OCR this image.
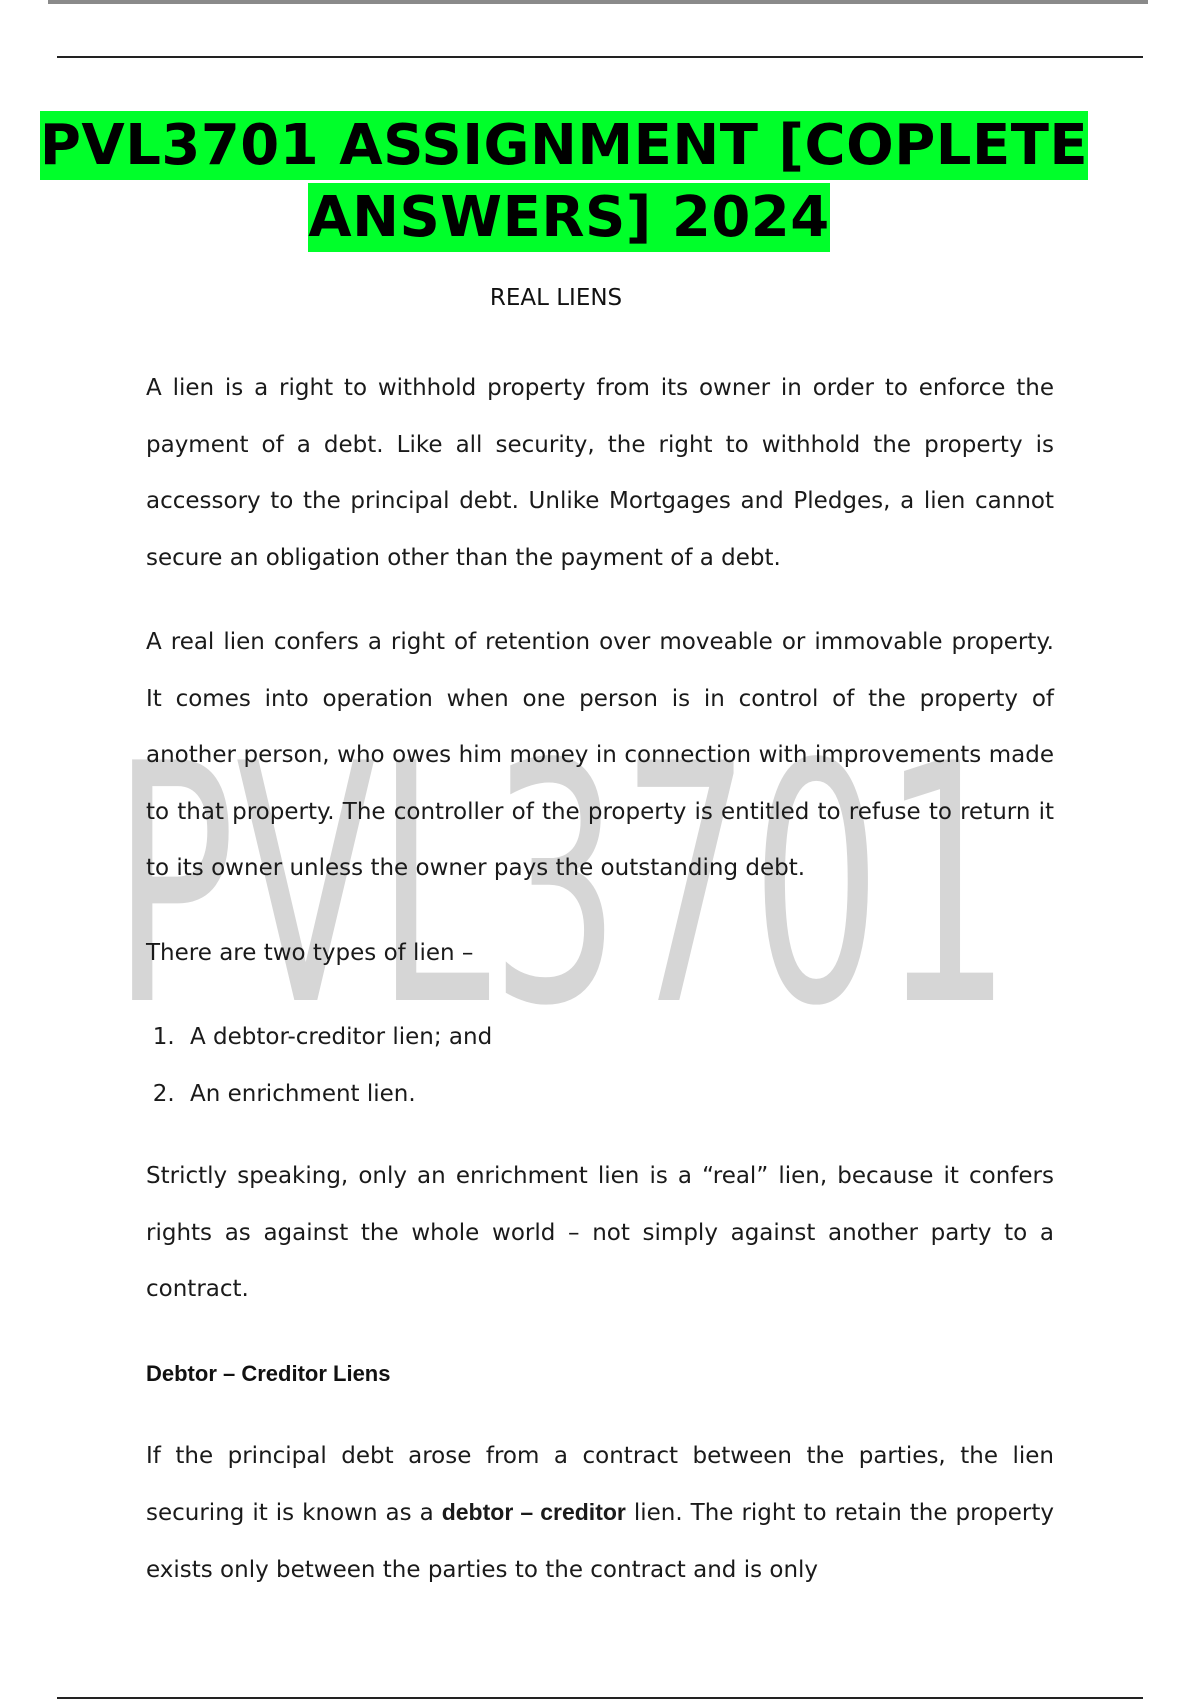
PVL3701
PVL3701 ASSIGNMENT [COPLETE
ANSWERS] 2024
REAL LIENS

A lien is a right to withhold property from its owner in order to enforce the payment of a debt. Like all security, the right to withhold the property is accessory to the principal debt. Unlike Mortgages and Pledges, a lien cannot secure an obligation other than the payment of a debt.

A real lien confers a right of retention over moveable or immovable property. It comes into operation when one person is in control of the property of another person, who owes him money in connection with improvements made to that property. The controller of the property is entitled to refuse to return it to its owner unless the owner pays the outstanding debt.

There are two types of lien –

1. A debtor-creditor lien; and
2. An enrichment lien.

Strictly speaking, only an enrichment lien is a “real” lien, because it confers rights as against the whole world – not simply against another party to a contract.

Debtor – Creditor Liens

If the principal debt arose from a contract between the parties, the lien securing it is known as a debtor – creditor lien. The right to retain the property exists only between the parties to the contract and is only
